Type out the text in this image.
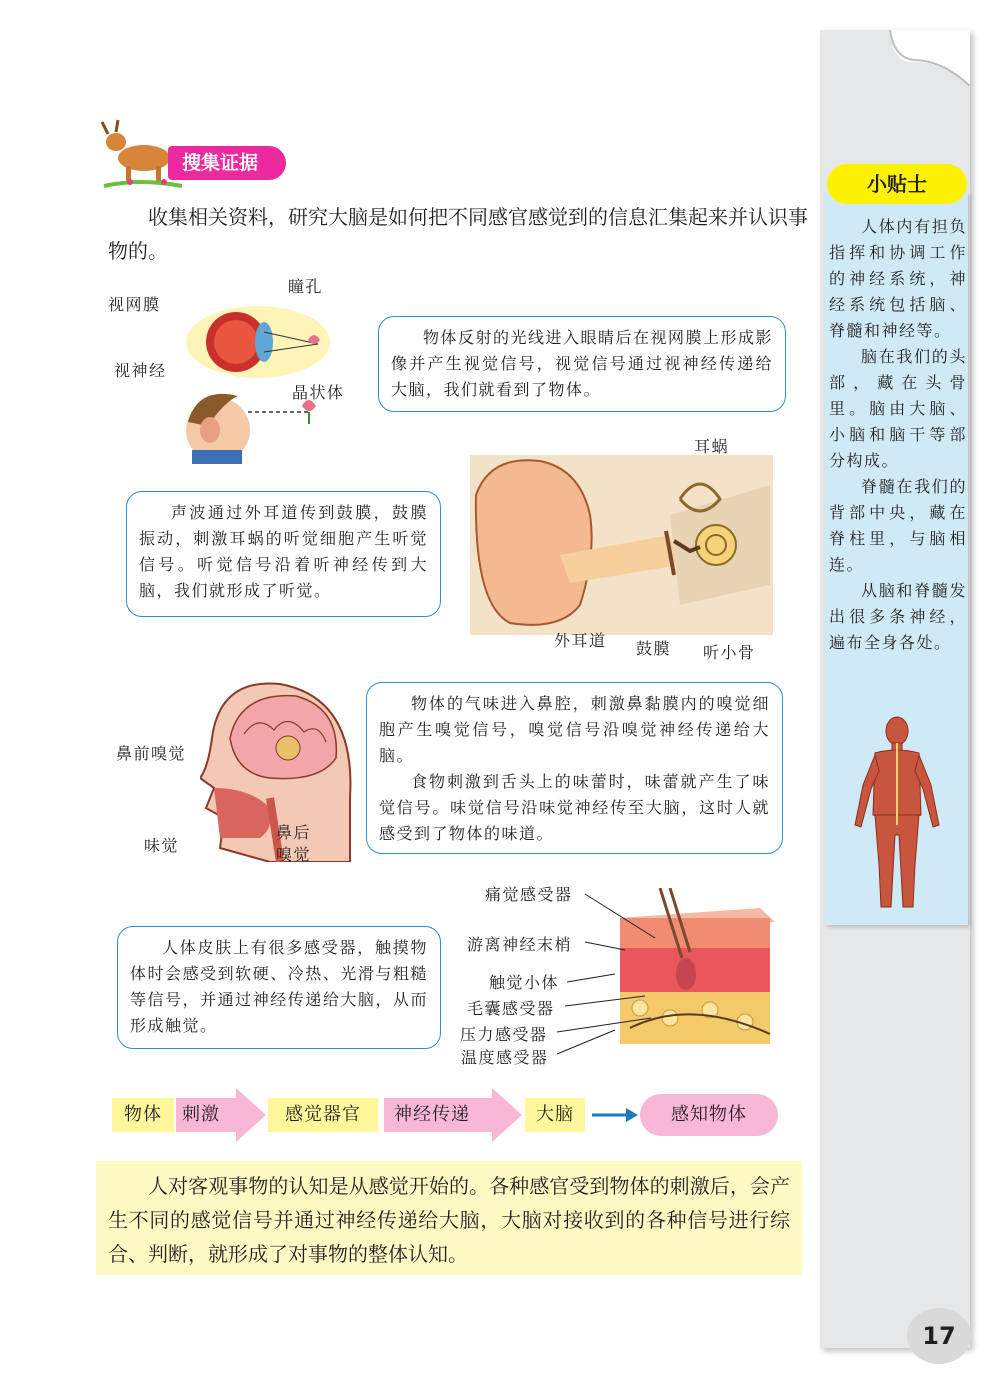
小贴士

人体内有担负指挥和协调工作的神经系统，神经系统包括脑、脊髓和神经等。

脑在我们的头部，藏在头骨里。脑由大脑、小脑和脑干等部分构成。

脊髓在我们的背部中央，藏在脊柱里，与脑相连。

从脑和脊髓发出很多条神经，遍布全身各处。

搜集证据
收集相关资料，研究大脑是如何把不同感官感觉到的信息汇集起来并认识事物的。
视网膜
瞳孔
视神经
晶状体

物体反射的光线进入眼睛后在视网膜上形成影像并产生视觉信号，视觉信号通过视神经传递给大脑，我们就看到了物体。

声波通过外耳道传到鼓膜，鼓膜振动，刺激耳蜗的听觉细胞产生听觉信号。听觉信号沿着听神经传到大脑，我们就形成了听觉。

耳蜗
外耳道 鼓膜 听小骨
鼻前嗅觉
味觉
鼻后
嗅觉

物体的气味进入鼻腔，刺激鼻黏膜内的嗅觉细胞产生嗅觉信号，嗅觉信号沿嗅觉神经传递给大脑。

食物刺激到舌头上的味蕾时，味蕾就产生了味觉信号。味觉信号沿味觉神经传至大脑，这时人就感受到了物体的味道。

人体皮肤上有很多感受器，触摸物体时会感受到软硬、冷热、光滑与粗糙等信号，并通过神经传递给大脑，从而形成触觉。

痛觉感受器
游离神经末梢
触觉小体
毛囊感受器
压力感受器
温度感受器
物体	刺激	感觉器官	神经传递	大脑	感知物体

人对客观事物的认知是从感觉开始的。各种感官受到物体的刺激后，会产生不同的感觉信号并通过神经传递给大脑，大脑对接收到的各种信号进行综合、判断，就形成了对事物的整体认知。

17
